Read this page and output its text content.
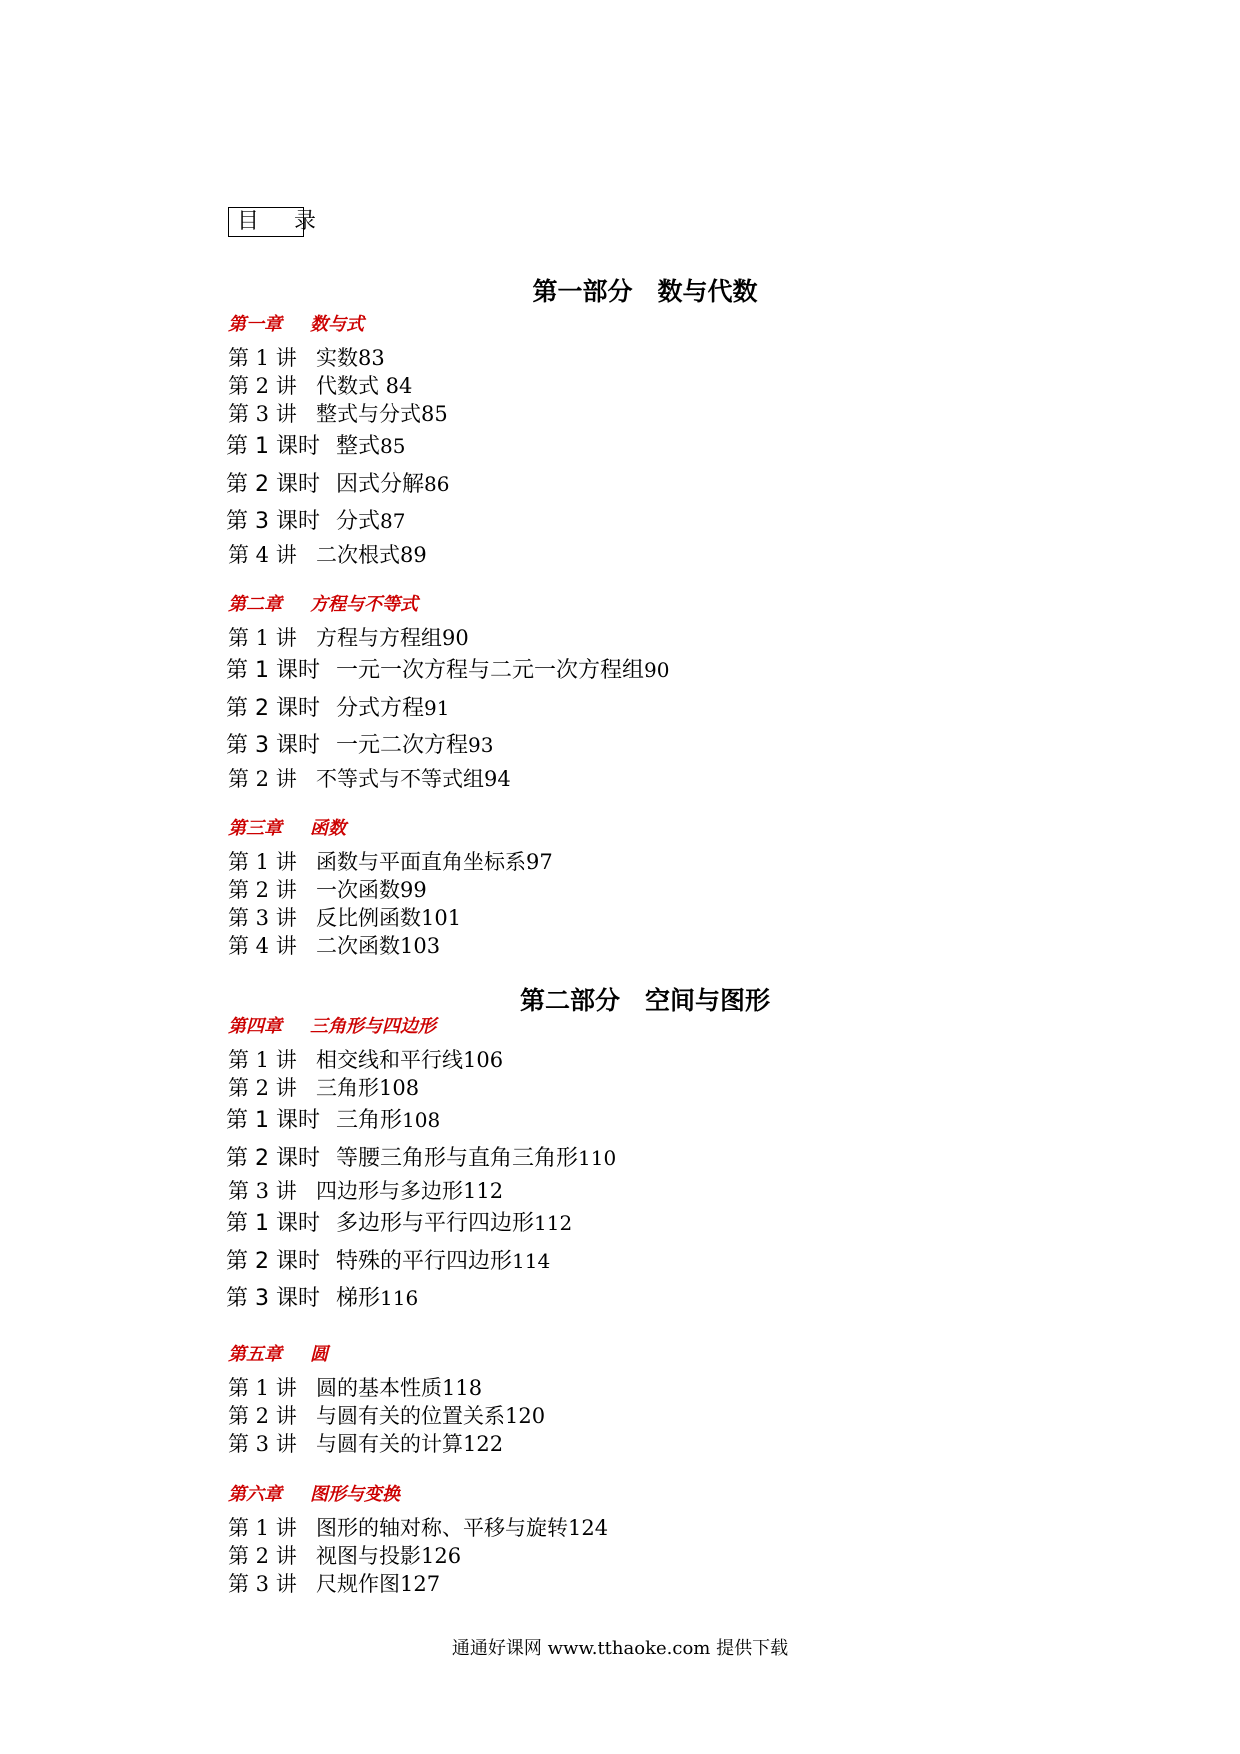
目 录
第一部分　数与代数
第一章 数与式
第 1 讲 实数83
第 2 讲 代数式 84
第 3 讲 整式与分式85
第 1 课时 整式85
第 2 课时 因式分解86
第 3 课时 分式87
第 4 讲 二次根式89
第二章 方程与不等式
第 1 讲 方程与方程组90
第 1 课时 一元一次方程与二元一次方程组90
第 2 课时 分式方程91
第 3 课时 一元二次方程93
第 2 讲 不等式与不等式组94
第三章 函数
第 1 讲 函数与平面直角坐标系97
第 2 讲 一次函数99
第 3 讲 反比例函数101
第 4 讲 二次函数103
第二部分　空间与图形
第四章 三角形与四边形
第 1 讲 相交线和平行线106
第 2 讲 三角形108
第 1 课时 三角形108
第 2 课时 等腰三角形与直角三角形110
第 3 讲 四边形与多边形112
第 1 课时 多边形与平行四边形112
第 2 课时 特殊的平行四边形114
第 3 课时 梯形116
第五章 圆
第 1 讲 圆的基本性质118
第 2 讲 与圆有关的位置关系120
第 3 讲 与圆有关的计算122
第六章 图形与变换
第 1 讲 图形的轴对称、平移与旋转124
第 2 讲 视图与投影126
第 3 讲 尺规作图127
通通好课网 www.tthaoke.com 提供下载
